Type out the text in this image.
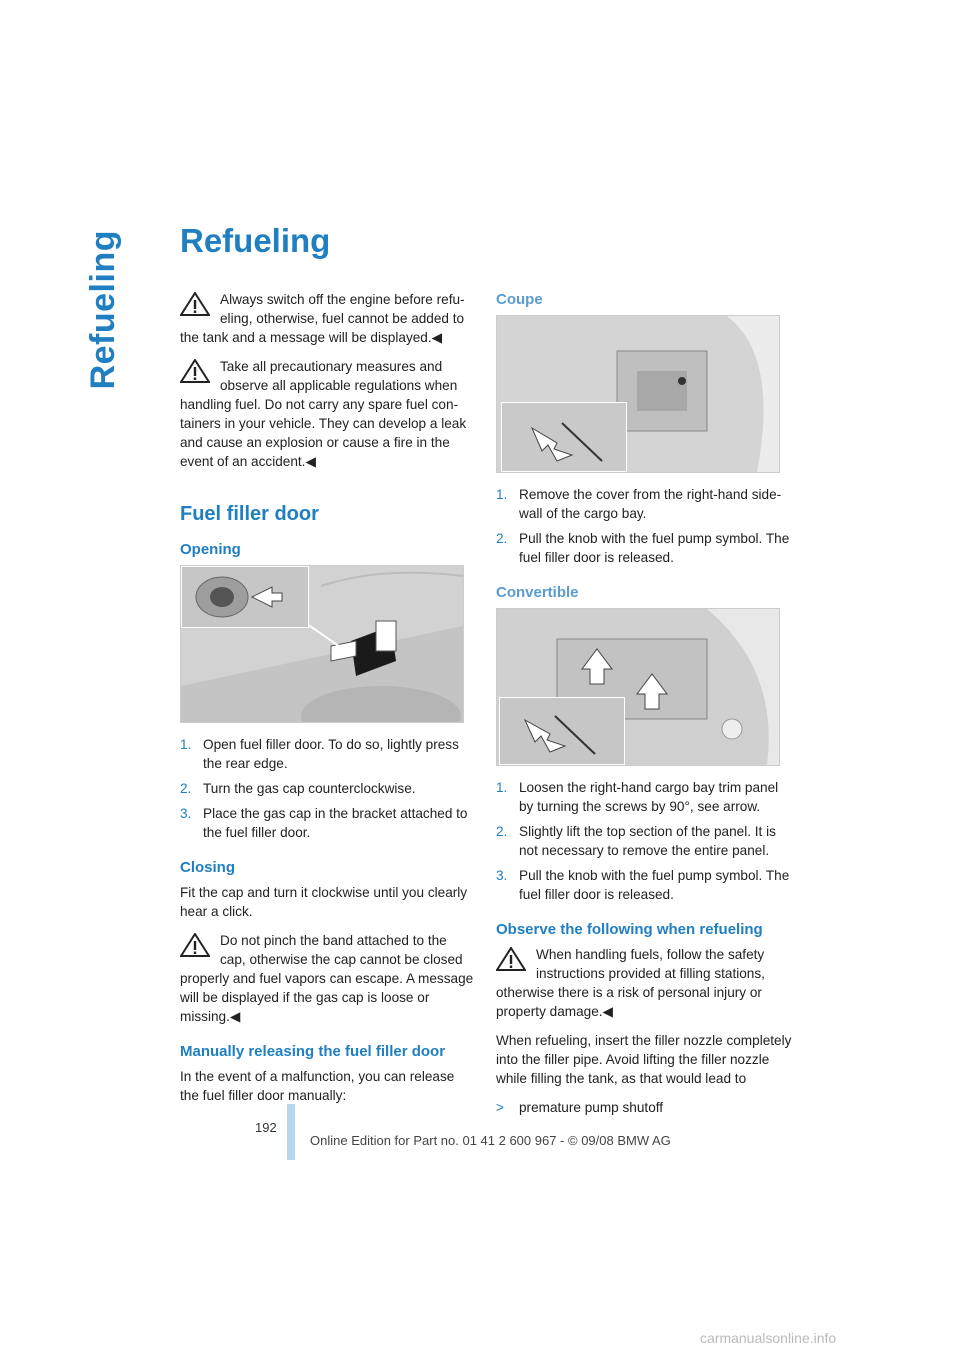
Refueling Refueling
Always switch off the engine before refueling, otherwise, fuel cannot be added to the tank and a message will be displayed.◀
Take all precautionary measures and observe all applicable regulations when handling fuel. Do not carry any spare fuel containers in your vehicle. They can develop a leak and cause an explosion or cause a fire in the event of an accident.◀
Fuel filler door
Opening
1. Open fuel filler door. To do so, lightly press the rear edge.
2. Turn the gas cap counterclockwise.
3. Place the gas cap in the bracket attached to the fuel filler door.
Closing

Fit the cap and turn it clockwise until you clearly hear a click.

Do not pinch the band attached to the cap, otherwise the cap cannot be closed properly and fuel vapors can escape. A message will be displayed if the gas cap is loose or missing.◀
Manually releasing the fuel filler door

In the event of a malfunction, you can release the fuel filler door manually:

Coupe
1. Remove the cover from the right-hand sidewall of the cargo bay.
2. Pull the knob with the fuel pump symbol. The fuel filler door is released.
Convertible
1. Loosen the right-hand cargo bay trim panel by turning the screws by 90°, see arrow.
2. Slightly lift the top section of the panel. It is not necessary to remove the entire panel.
3. Pull the knob with the fuel pump symbol. The fuel filler door is released.
Observe the following when refueling
When handling fuels, follow the safety instructions provided at filling stations, otherwise there is a risk of personal injury or property damage.◀

When refueling, insert the filler nozzle completely into the filler pipe. Avoid lifting the filler nozzle while filling the tank, as that would lead to

> premature pump shutoff
192
Online Edition for Part no. 01 41 2 600 967 - © 09/08 BMW AG
carmanualsonline.info
